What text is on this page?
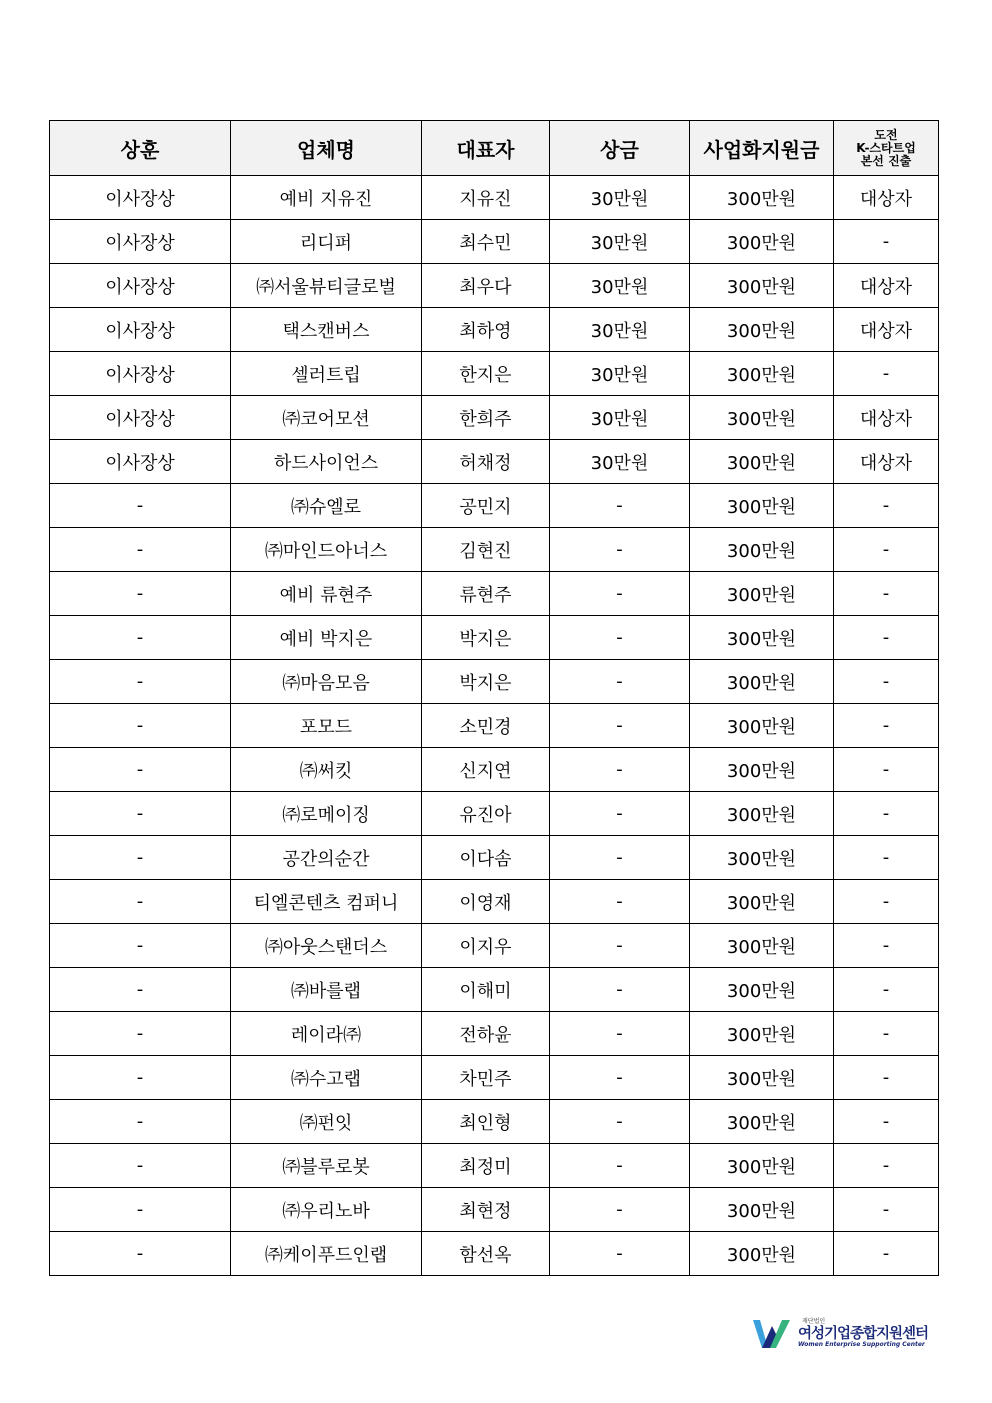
상훈	업체명	대표자	상금	사업화지원금	도전
K-스타트업
본선 진출

이사장상	예비 지유진	지유진	30만원	300만원	대상자
이사장상	리디퍼	최수민	30만원	300만원	-
이사장상	㈜서울뷰티글로벌	최우다	30만원	300만원	대상자
이사장상	택스캔버스	최하영	30만원	300만원	대상자
이사장상	셀러트립	한지은	30만원	300만원	-
이사장상	㈜코어모션	한희주	30만원	300만원	대상자
이사장상	하드사이언스	허채정	30만원	300만원	대상자
-	㈜슈엘로	공민지	-	300만원	-
-	㈜마인드아너스	김현진	-	300만원	-
-	예비 류현주	류현주	-	300만원	-
-	예비 박지은	박지은	-	300만원	-
-	㈜마음모음	박지은	-	300만원	-
-	포모드	소민경	-	300만원	-
-	㈜써킷	신지연	-	300만원	-
-	㈜로메이징	유진아	-	300만원	-
-	공간의순간	이다솜	-	300만원	-
-	티엘콘텐츠 컴퍼니	이영재	-	300만원	-
-	㈜아웃스탠더스	이지우	-	300만원	-
-	㈜바를랩	이해미	-	300만원	-
-	레이라㈜	전하윤	-	300만원	-
-	㈜수고랩	차민주	-	300만원	-
-	㈜펀잇	최인형	-	300만원	-
-	㈜블루로봇	최정미	-	300만원	-
-	㈜우리노바	최현정	-	300만원	-
-	㈜케이푸드인랩	함선옥	-	300만원	-
재단법인
여성기업종합지원센터
Women Enterprise Supporting Center
